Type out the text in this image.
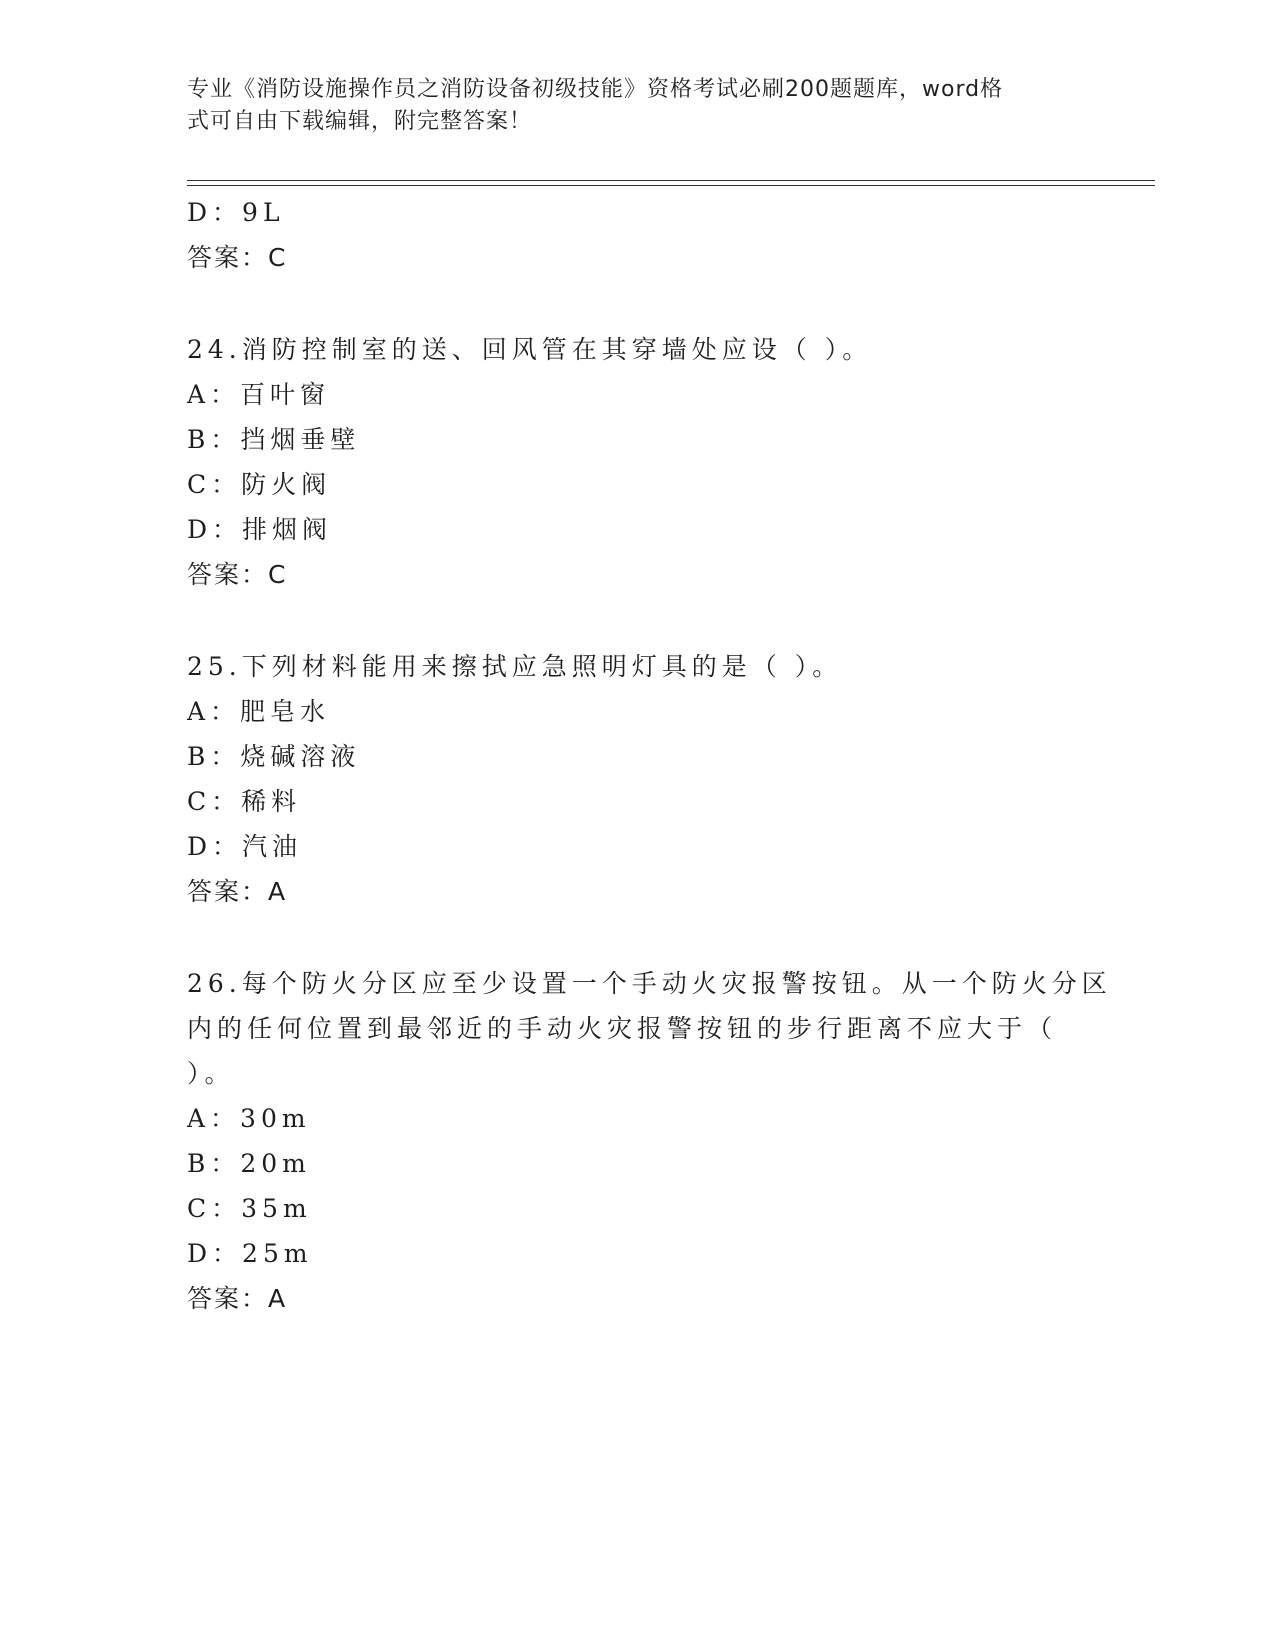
专业《消防设施操作员之消防设备初级技能》资格考试必刷200题题库，word格
式可自由下载编辑，附完整答案！
D：9L
答案：C
24.消防控制室的送、回风管在其穿墙处应设（ ）。
A：百叶窗
B：挡烟垂壁
C：防火阀
D：排烟阀
答案：C
25.下列材料能用来擦拭应急照明灯具的是（ ）。
A：肥皂水
B：烧碱溶液
C：稀料
D：汽油
答案：A
26.每个防火分区应至少设置一个手动火灾报警按钮。从一个防火分区
内的任何位置到最邻近的手动火灾报警按钮的步行距离不应大于（
）。
A：30m
B：20m
C：35m
D：25m
答案：A
